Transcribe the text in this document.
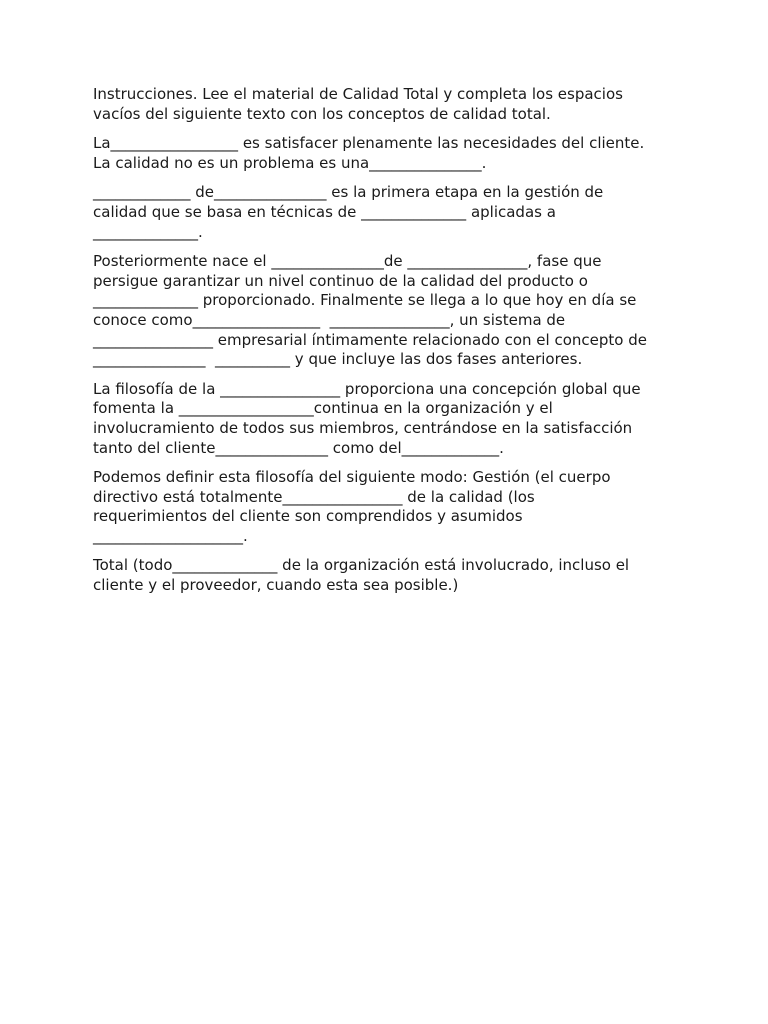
Instrucciones. Lee el material de Calidad Total y completa los espacios
vacíos del siguiente texto con los conceptos de calidad total.

La_________________ es satisfacer plenamente las necesidades del cliente.
La calidad no es un problema es una_______________.

_____________ de_______________ es la primera etapa en la gestión de
calidad que se basa en técnicas de ______________ aplicadas a
______________.

Posteriormente nace el _______________de ________________, fase que
persigue garantizar un nivel continuo de la calidad del producto o
______________ proporcionado. Finalmente se llega a lo que hoy en día se
conoce como_________________  ________________, un sistema de
________________ empresarial íntimamente relacionado con el concepto de
_______________  __________ y que incluye las dos fases anteriores.

La filosofía de la ________________ proporciona una concepción global que
fomenta la __________________continua en la organización y el
involucramiento de todos sus miembros, centrándose en la satisfacción
tanto del cliente_______________ como del_____________.

Podemos definir esta filosofía del siguiente modo: Gestión (el cuerpo
directivo está totalmente________________ de la calidad (los
requerimientos del cliente son comprendidos y asumidos
____________________.

Total (todo______________ de la organización está involucrado, incluso el
cliente y el proveedor, cuando esta sea posible.)
